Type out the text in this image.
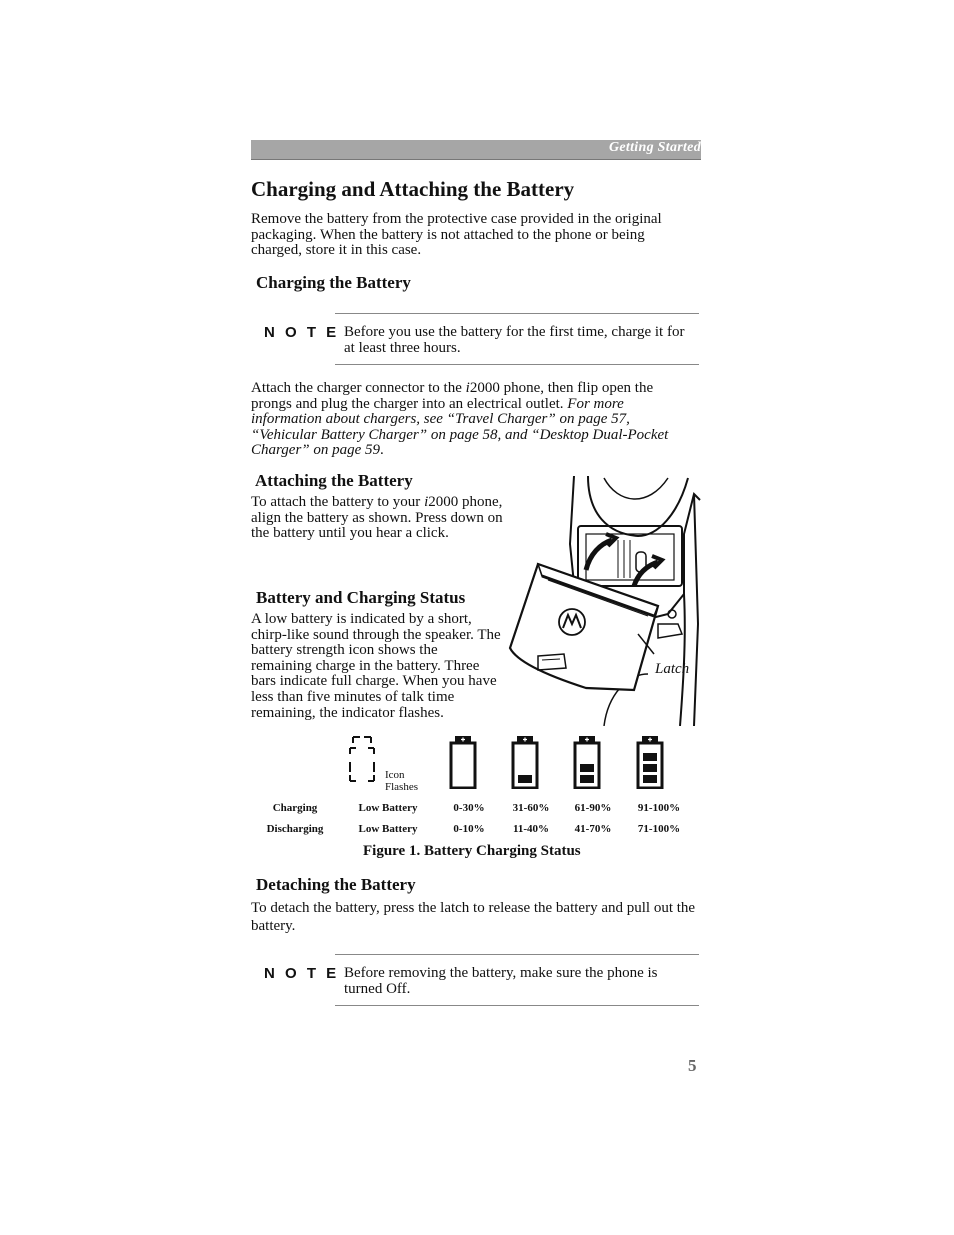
Getting Started
Charging and Attaching the Battery
Remove the battery from the protective case provided in the original packaging. When the battery is not attached to the phone or being charged, store it in this case.
Charging the Battery
N O T E Before you use the battery for the first time, charge it for at least three hours.
Attach the charger connector to the i2000 phone, then flip open the prongs and plug the charger into an electrical outlet. For more information about chargers, see “Travel Charger” on page 57, “Vehicular Battery Charger” on page 58, and “Desktop Dual-Pocket Charger” on page 59.
Attaching the Battery
To attach the battery to your i2000 phone, align the battery as shown. Press down on the battery until you hear a click.
Battery and Charging Status
A low battery is indicated by a short, chirp-like sound through the speaker. The battery strength icon shows the remaining charge in the battery. Three bars indicate full charge. When you have less than five minutes of talk time remaining, the indicator flashes.
Latch
Icon
Flashes
Charging	Low Battery	0-30%	31-60%	61-90%	91-100%
Discharging	Low Battery	0-10%	11-40%	41-70%	71-100%
Figure 1. Battery Charging Status
Detaching the Battery
To detach the battery, press the latch to release the battery and pull out the battery.
N O T E Before removing the battery, make sure the phone is turned Off.
5
